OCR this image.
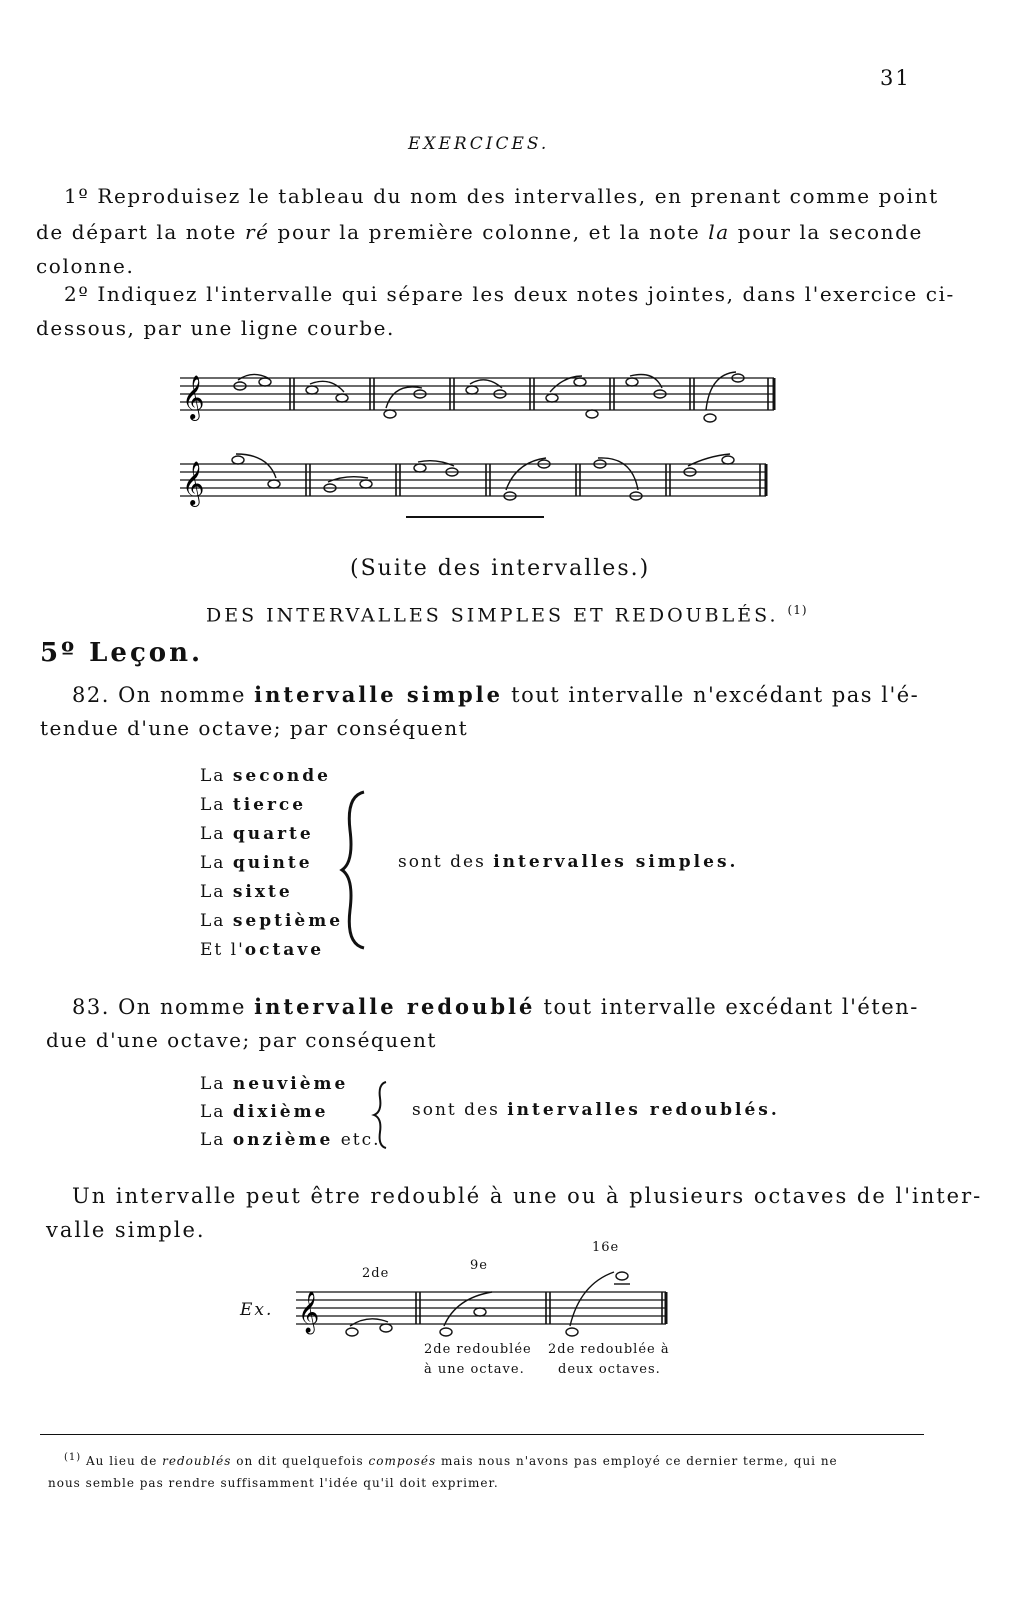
31
EXERCICES.
1º Reproduisez le tableau du nom des intervalles, en prenant comme point
de départ la note ré pour la première colonne, et la note la pour la seconde
colonne.
2º Indiquez l'intervalle qui sépare les deux notes jointes, dans l'exercice ci-
dessous, par une ligne courbe.
𝄞
𝄞
(Suite des intervalles.)
DES INTERVALLES SIMPLES ET REDOUBLÉS. $^{(1)}$
5º Leçon.
82. On nomme intervalle simple tout intervalle n'excédant pas l'é-
tendue d'une octave; par conséquent
La seconde
La tierce
La quarte
La quinte
La sixte
La septième
Et l'octave
sont des intervalles simples.
83. On nomme intervalle redoublé tout intervalle excédant l'éten-
due d'une octave; par conséquent
La neuvième
La dixième
La onzième etc.
sont des intervalles redoublés.
Un intervalle peut être redoublé à une ou à plusieurs octaves de l'inter-
valle simple.
Ex.
2de
9e
16e
𝄞
2de redoublée
à une octave.
2de redoublée à
deux octaves.
$^{(1)}$ Au lieu de redoublés on dit quelquefois composés mais nous n'avons pas employé ce dernier terme, qui ne
nous semble pas rendre suffisamment l'idée qu'il doit exprimer.
